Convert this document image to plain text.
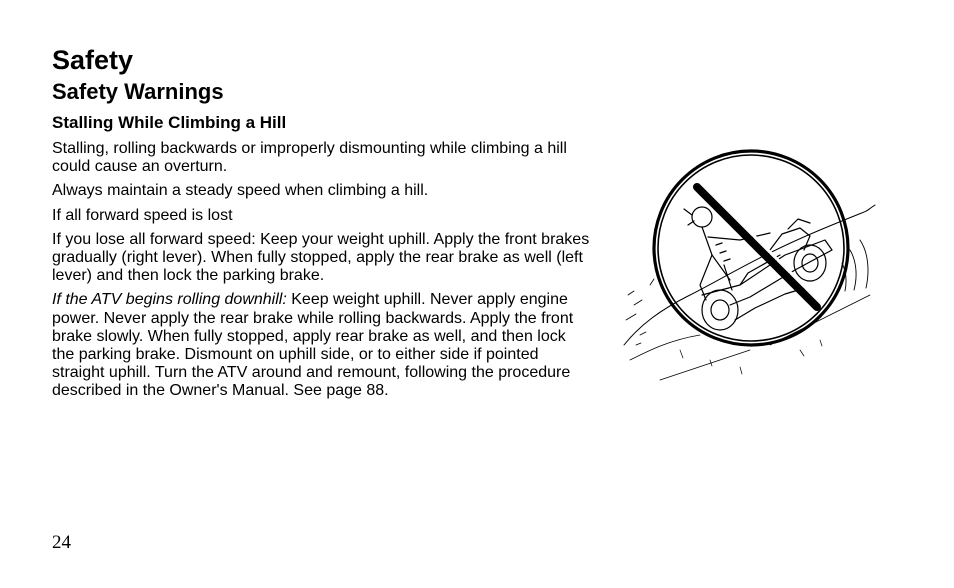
Safety
Safety Warnings
Stalling While Climbing a Hill

Stalling, rolling backwards or improperly dismounting while climbing a hill could cause an overturn.

Always maintain a steady speed when climbing a hill.

If all forward speed is lost

If you lose all forward speed: Keep your weight uphill. Apply the front brakes gradually (right lever). When fully stopped, apply the rear brake as well (left lever) and then lock the parking brake.

If the ATV begins rolling downhill: Keep weight uphill. Never apply engine power. Never apply the rear brake while rolling backwards. Apply the front brake slowly. When fully stopped, apply rear brake as well, and then lock the parking brake. Dismount on uphill side, or to either side if pointed straight uphill. Turn the ATV around and remount, following the procedure described in the Owner's Manual. See page 88.

24
